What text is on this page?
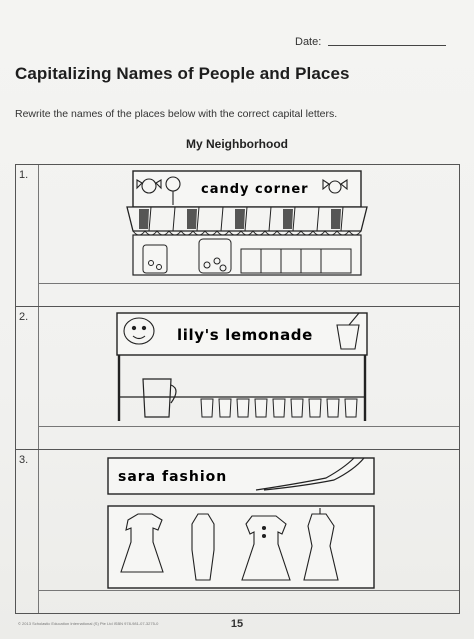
Date:
Capitalizing Names of People and Places
Rewrite the names of the places below with the correct capital letters.
My Neighborhood
1.
candy corner
2.
lily's lemonade
3.
sara fashion
© 2013 Scholastic Education International (S) Pte Ltd ISBN 978-981-07-3275-0	15
